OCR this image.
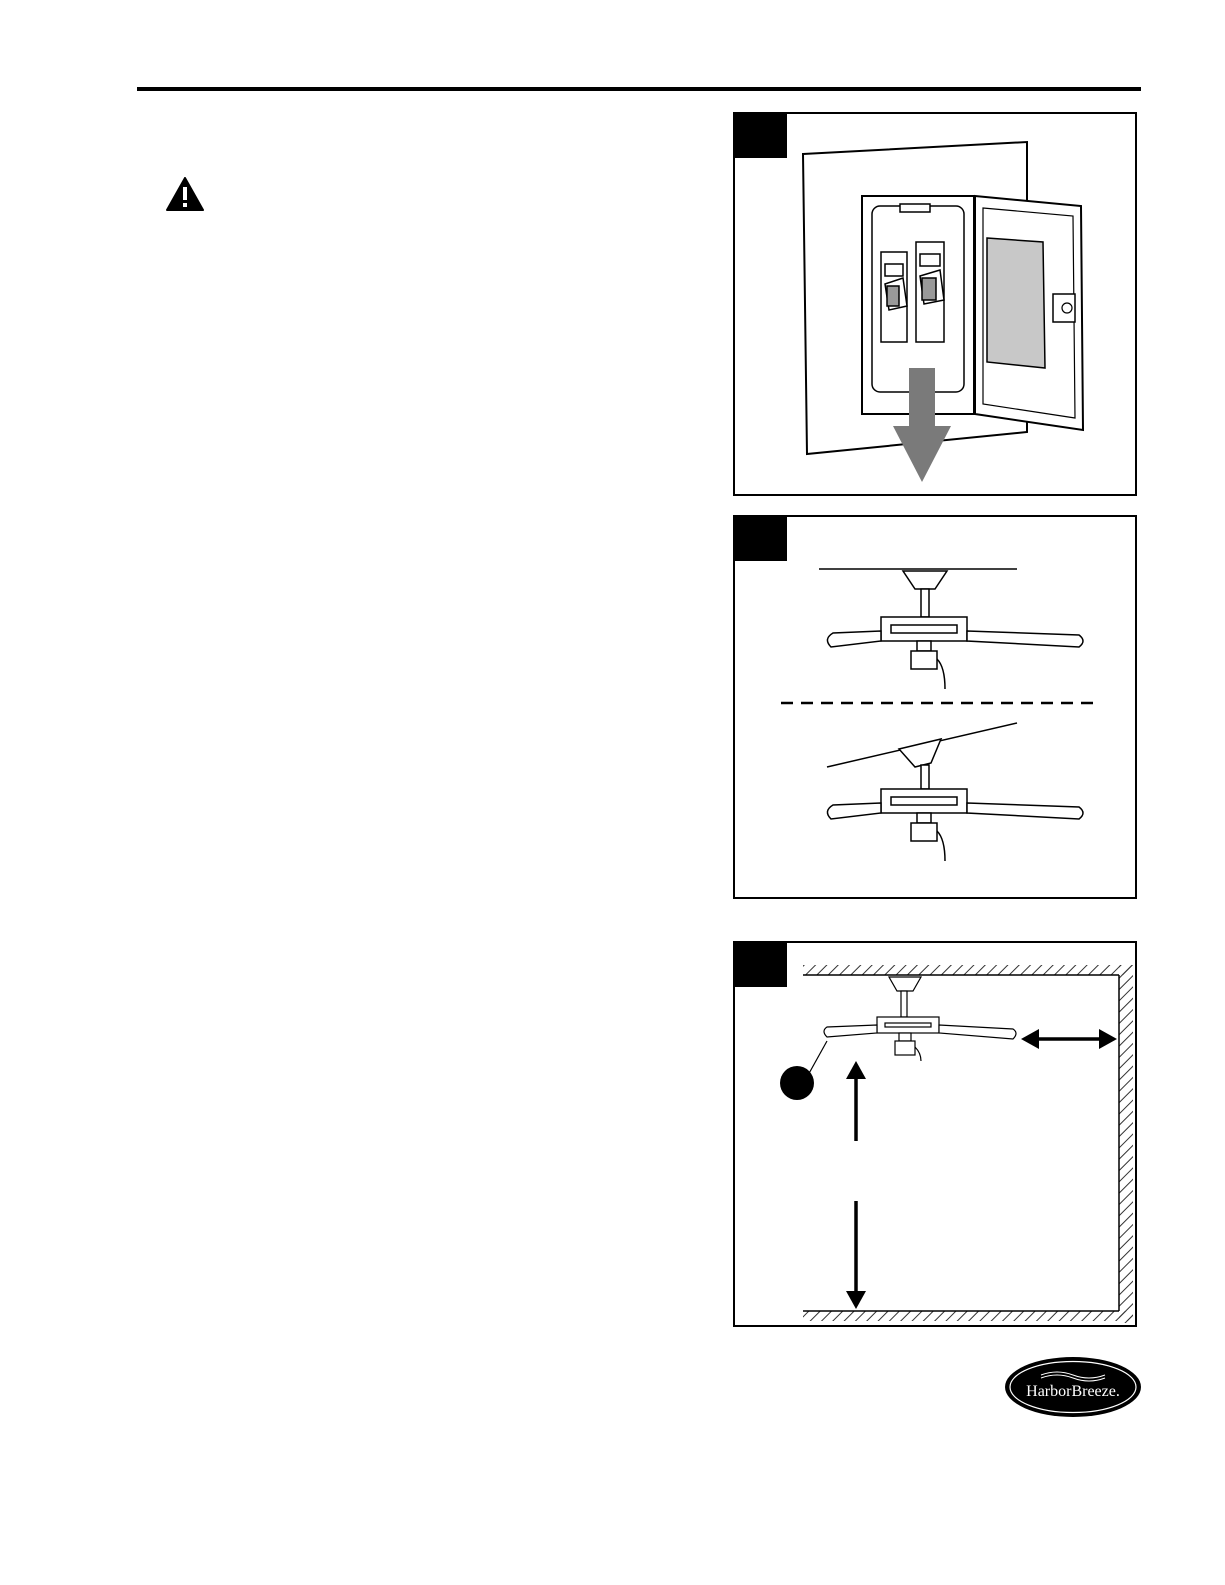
HarborBreeze.
